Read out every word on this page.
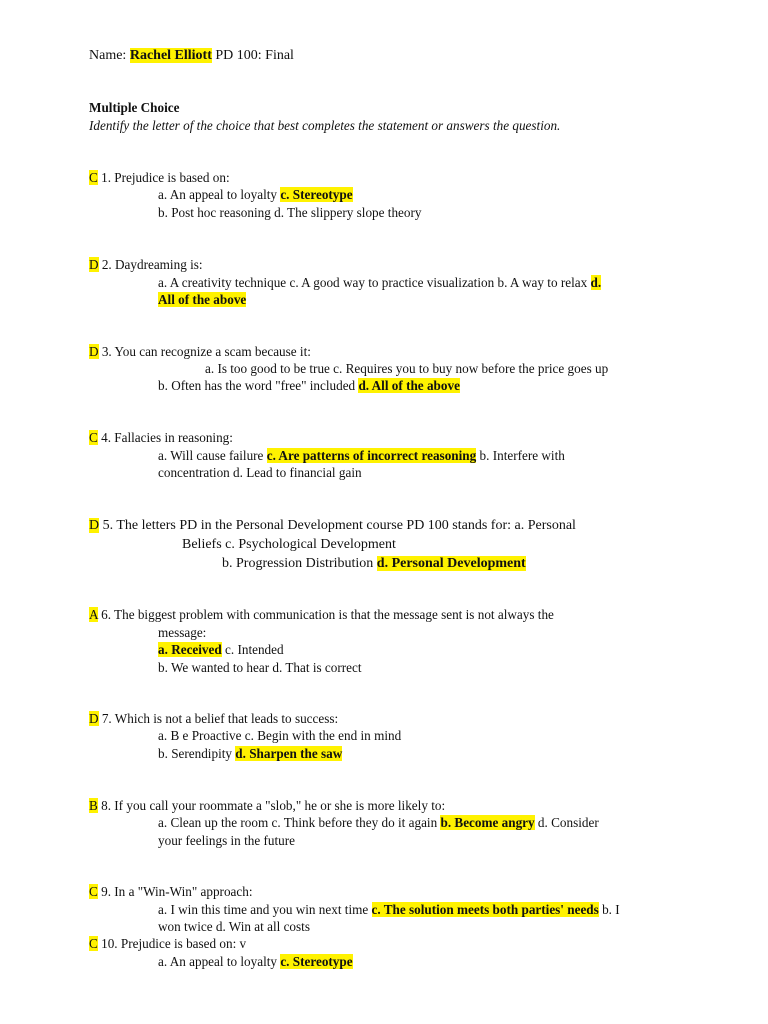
Name: Rachel Elliott PD 100: Final
Multiple Choice
Identify the letter of the choice that best completes the statement or answers the question.
C 1. Prejudice is based on:
a. An appeal to loyalty c. Stereotype
b. Post hoc reasoning d. The slippery slope theory
D 2. Daydreaming is:
a. A creativity technique c. A good way to practice visualization b. A way to relax d.
All of the above
D 3. You can recognize a scam because it:
a. Is too good to be true c. Requires you to buy now before the price goes up
b. Often has the word "free" included d. All of the above
C 4. Fallacies in reasoning:
a. Will cause failure c. Are patterns of incorrect reasoning b. Interfere with
concentration d. Lead to financial gain
D 5. The letters PD in the Personal Development course PD 100 stands for: a. Personal
Beliefs c. Psychological Development
b. Progression Distribution d. Personal Development
A 6. The biggest problem with communication is that the message sent is not always the
message:
a. Received c. Intended
b. We wanted to hear d. That is correct
D 7. Which is not a belief that leads to success:
a. B e Proactive c. Begin with the end in mind
b. Serendipity d. Sharpen the saw
B 8. If you call your roommate a "slob," he or she is more likely to:
a. Clean up the room c. Think before they do it again b. Become angry d. Consider
your feelings in the future
C 9. In a "Win-Win" approach:
a. I win this time and you win next time c. The solution meets both parties' needs b. I
won twice d. Win at all costs
C 10. Prejudice is based on: v
a. An appeal to loyalty c. Stereotype
